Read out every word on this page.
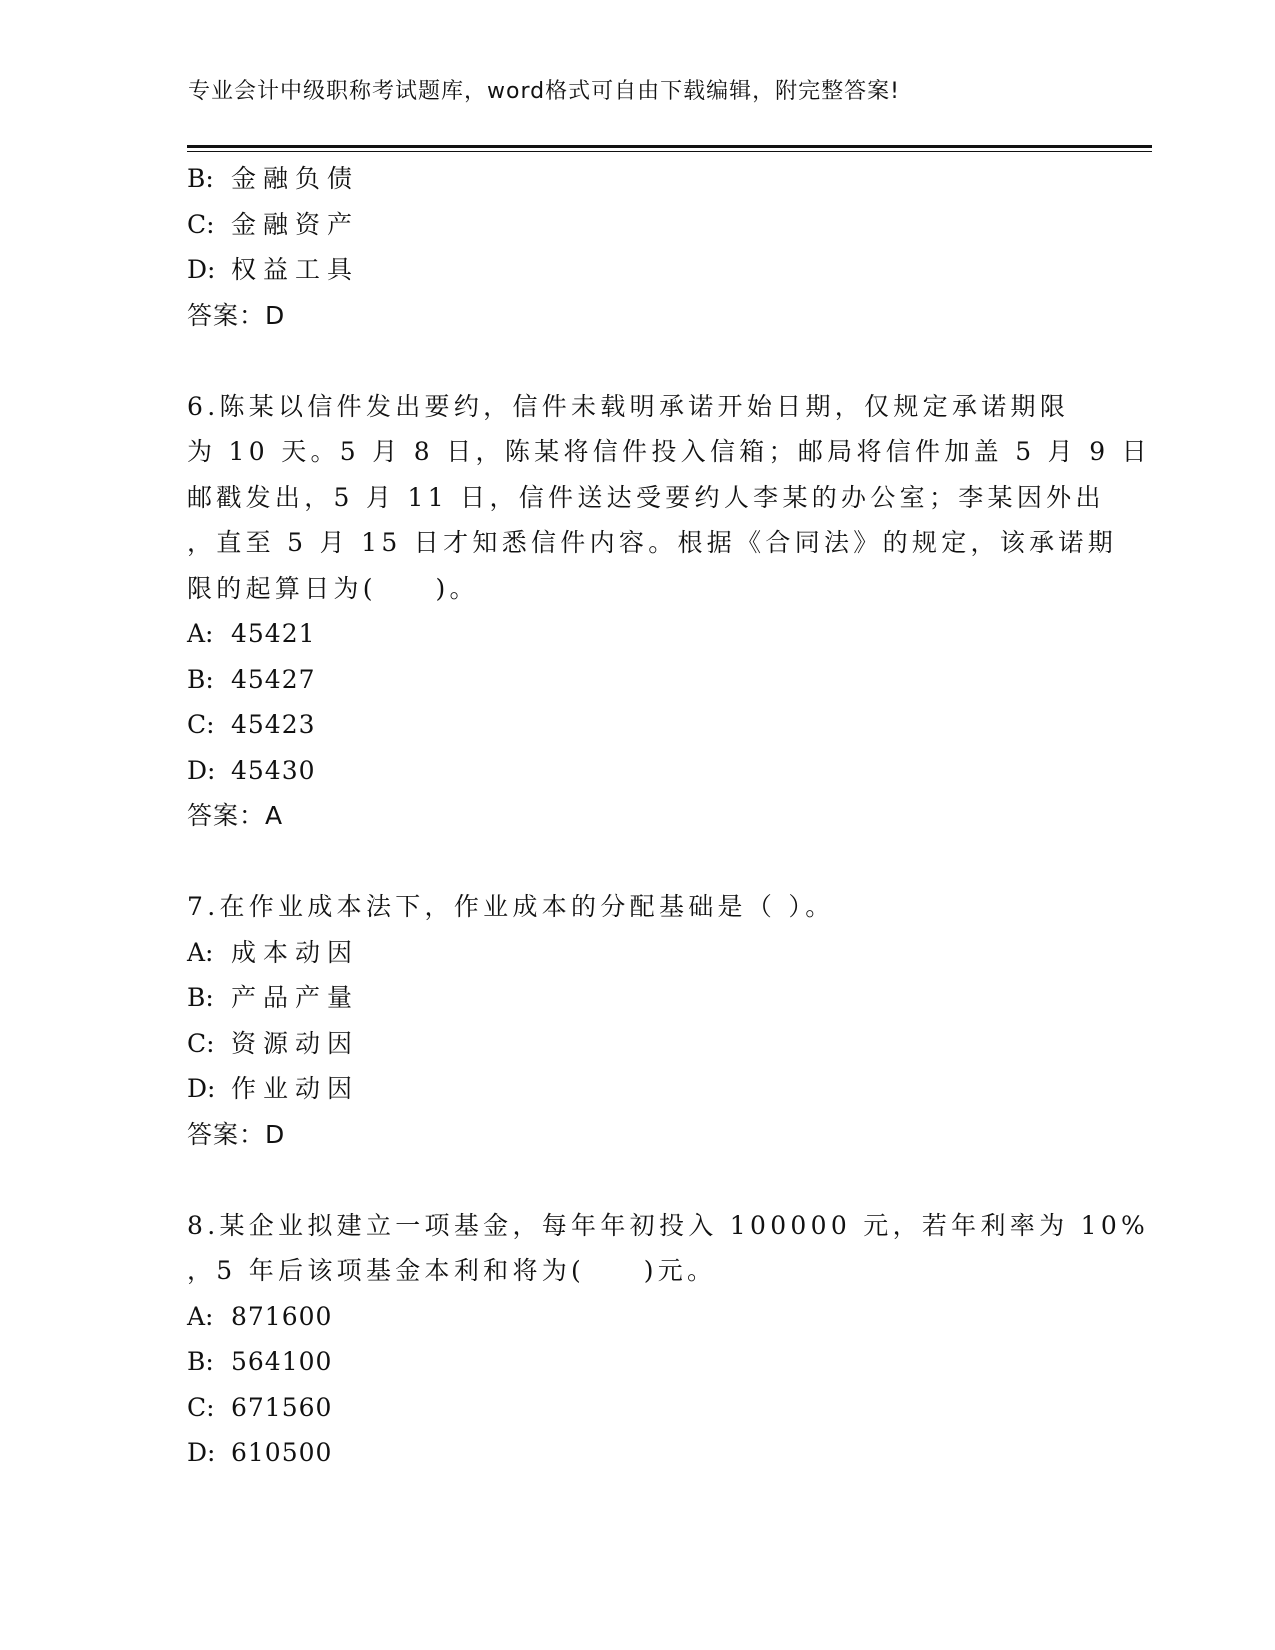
专业会计中级职称考试题库，word格式可自由下载编辑，附完整答案!
B: 金融负债
C: 金融资产
D: 权益工具
答案：D
6.陈某以信件发出要约，信件未载明承诺开始日期，仅规定承诺期限
为 10 天。5 月 8 日，陈某将信件投入信箱；邮局将信件加盖 5 月 9 日
邮戳发出，5 月 11 日，信件送达受要约人李某的办公室；李某因外出
，直至 5 月 15 日才知悉信件内容。根据《合同法》的规定，该承诺期
限的起算日为(　　)。
A: 45421
B: 45427
C: 45423
D: 45430
答案：A
7.在作业成本法下，作业成本的分配基础是（ ）。
A: 成本动因
B: 产品产量
C: 资源动因
D: 作业动因
答案：D
8.某企业拟建立一项基金，每年年初投入 100000 元，若年利率为 10%
，5 年后该项基金本利和将为(　　)元。
A: 871600
B: 564100
C: 671560
D: 610500
